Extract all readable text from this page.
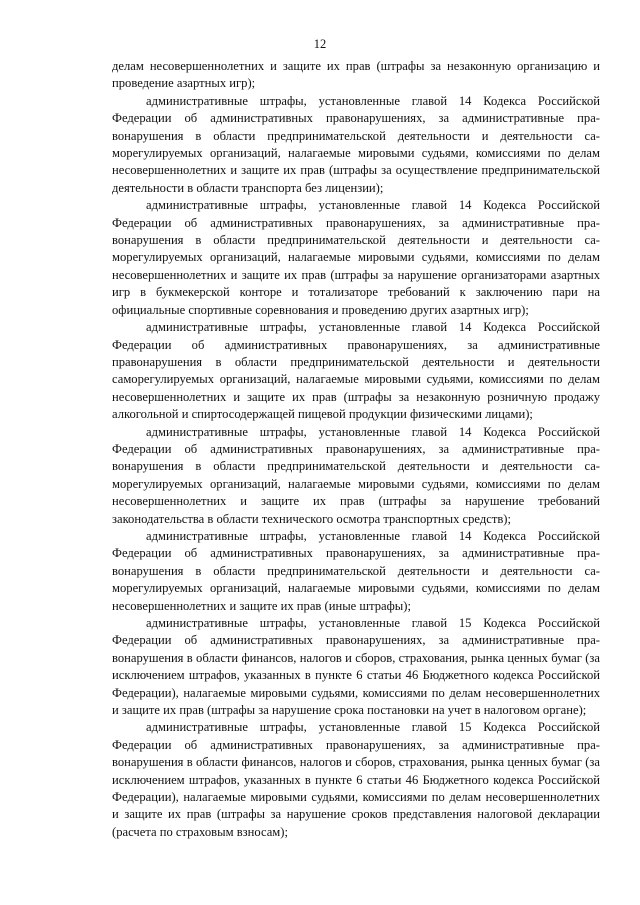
12

делам несовершеннолетних и защите их прав (штрафы за незаконную организацию и проведение азартных игр);

административные штрафы, установленные главой 14 Кодекса Российской Федерации об административных правонарушениях, за административные правонарушения в области предпринимательской деятельности и деятельности саморегулируемых организаций, налагаемые мировыми судьями, комиссиями по делам несовершеннолетних и защите их прав (штрафы за осуществление предпринимательской деятельности в области транспорта без лицензии);

административные штрафы, установленные главой 14 Кодекса Российской Федерации об административных правонарушениях, за административные правонарушения в области предпринимательской деятельности и деятельности саморегулируемых организаций, налагаемые мировыми судьями, комиссиями по делам несовершеннолетних и защите их прав (штрафы за нарушение организаторами азартных игр в букмекерской конторе и тотализаторе требований к заключению пари на официальные спортивные соревнования и проведению других азартных игр);

административные штрафы, установленные главой 14 Кодекса Российской Федерации об административных правонарушениях, за административные правонарушения в области предпринимательской деятельности и деятельности саморегулируемых организаций, налагаемые мировыми судьями, комиссиями по делам несовершеннолетних и защите их прав (штрафы за незаконную розничную продажу алкогольной и спиртосодержащей пищевой продукции физическими лицами);

административные штрафы, установленные главой 14 Кодекса Российской Федерации об административных правонарушениях, за административные правонарушения в области предпринимательской деятельности и деятельности саморегулируемых организаций, налагаемые мировыми судьями, комиссиями по делам несовершеннолетних и защите их прав (штрафы за нарушение требований законодательства в области технического осмотра транспортных средств);

административные штрафы, установленные главой 14 Кодекса Российской Федерации об административных правонарушениях, за административные правонарушения в области предпринимательской деятельности и деятельности саморегулируемых организаций, налагаемые мировыми судьями, комиссиями по делам несовершеннолетних и защите их прав (иные штрафы);

административные штрафы, установленные главой 15 Кодекса Российской Федерации об административных правонарушениях, за административные правонарушения в области финансов, налогов и сборов, страхования, рынка ценных бумаг (за исключением штрафов, указанных в пункте 6 статьи 46 Бюджетного кодекса Российской Федерации), налагаемые мировыми судьями, комиссиями по делам несовершеннолетних и защите их прав (штрафы за нарушение срока постановки на учет в налоговом органе);

административные штрафы, установленные главой 15 Кодекса Российской Федерации об административных правонарушениях, за административные правонарушения в области финансов, налогов и сборов, страхования, рынка ценных бумаг (за исключением штрафов, указанных в пункте 6 статьи 46 Бюджетного кодекса Российской Федерации), налагаемые мировыми судьями, комиссиями по делам несовершеннолетних и защите их прав (штрафы за нарушение сроков представления налоговой декларации (расчета по страховым взносам);
